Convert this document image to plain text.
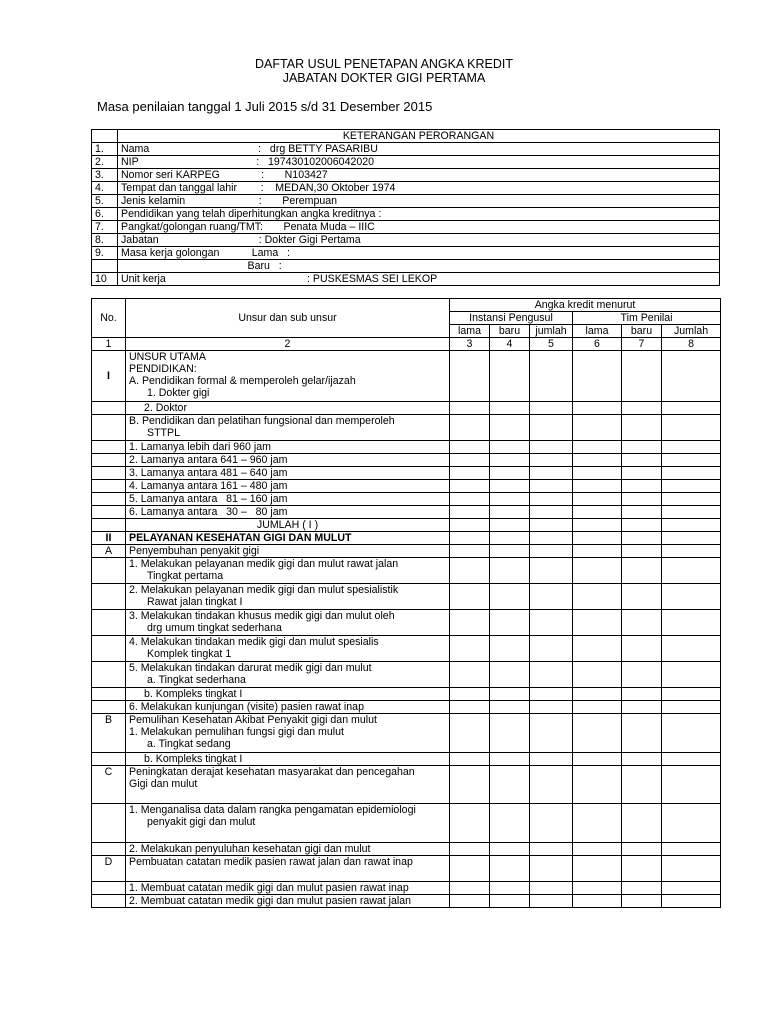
DAFTAR USUL PENETAPAN ANGKA KREDIT
JABATAN DOKTER GIGI PERTAMA
Masa penilaian tanggal 1 Juli 2015 s/d 31 Desember 2015
	KETERANGAN PERORANGAN
1.	Nama                                     :   drg BETTY PASARIBU
2.	NIP                                        :   197430102006042020
3.	Nomor seri KARPEG              :       N103427
4.	Tempat dan tanggal lahir        :    MEDAN,30 Oktober 1974
5.	Jenis kelamin                         :       Perempuan
6.	Pendidikan yang telah diperhitungkan angka kreditnya :
7.	Pangkat/golongan ruang/TMT:       Penata Muda – IIIC
8.	Jabatan                                  : Dokter Gigi Pertama
9.	Masa kerja golongan           Lama   :
	Baru   :
10	Unit kerja                                                : PUSKESMAS SEI LEKOP
No.	Unsur dan sub unsur	Angka kredit menurut					
		Instansi Pengusul			Tim Penilai		
		lama	baru	jumlah	lama	baru	Jumlah
1	2	3	4	5	6	7	8
I	UNSUR UTAMA
PENDIDIKAN:
A. Pendidikan formal & memperoleh gelar/ijazah
1. Dokter gigi						

	2. Doktor						

	B. Pendidikan dan pelatihan fungsional dan memperoleh
STTPL						

	1. Lamanya lebih dari 960 jam						
	2. Lamanya antara 641 – 960 jam						
	3. Lamanya antara 481 – 640 jam						
	4. Lamanya antara 161 – 480 jam						
	5. Lamanya antara   81 – 160 jam						
	6. Lamanya antara   30 –   80 jam						
	JUMLAH ( I )						
II	PELAYANAN KESEHATAN GIGI DAN MULUT						
A	Penyembuhan penyakit gigi						

	1. Melakukan pelayanan medik gigi dan mulut rawat jalan
Tingkat pertama						

	2. Melakukan pelayanan medik gigi dan mulut spesialistik
Rawat jalan tingkat I						

	3. Melakukan tindakan khusus medik gigi dan mulut oleh
drg umum tingkat sederhana						

	4. Melakukan tindakan medik gigi dan mulut spesialis
Komplek tingkat 1						

	5. Melakukan tindakan darurat medik gigi dan mulut
a. Tingkat sederhana						

	b. Kompleks tingkat I						
	6. Melakukan kunjungan (visite) pasien rawat inap						
B	Pemulihan Kesehatan Akibat Penyakit gigi dan mulut
1. Melakukan pemulihan fungsi gigi dan mulut
a. Tingkat sedang						

	b. Kompleks tingkat I						
C	Peningkatan derajat kesehatan masyarakat dan pencegahan
Gigi dan mulut						

	1. Menganalisa data dalam rangka pengamatan epidemiologi
penyakit gigi dan mulut						

	2. Melakukan penyuluhan kesehatan gigi dan mulut						
D	Pembuatan catatan medik pasien rawat jalan dan rawat inap						
	1. Membuat catatan medik gigi dan mulut pasien rawat inap						
	2. Membuat catatan medik gigi dan mulut pasien rawat jalan						
